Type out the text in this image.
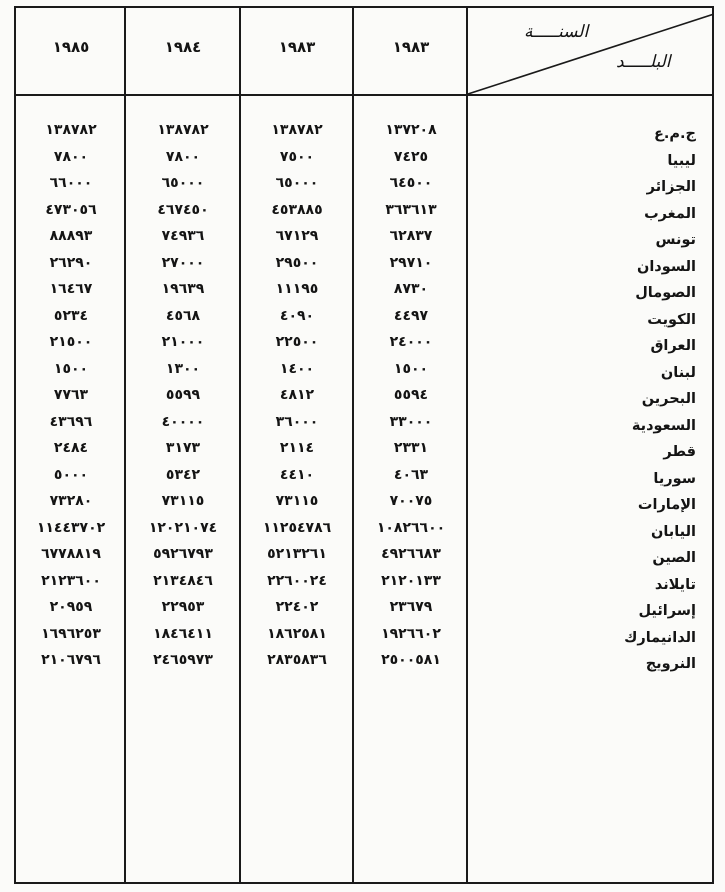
١٩٨٥	١٩٨٤	١٩٨٣	١٩٨٣
السنـــــة
البلـــــد
١٣٨٧٨٢	١٣٨٧٨٢	١٣٨٧٨٢	١٣٧٢٠٨	ج.م.ع
٧٨٠٠	٧٨٠٠	٧٥٠٠	٧٤٢٥	ليبيا
٦٦٠٠٠	٦٥٠٠٠	٦٥٠٠٠	٦٤٥٠٠	الجزائر
٤٧٣٠٥٦	٤٦٧٤٥٠	٤٥٣٨٨٥	٣٦٣٦١٣	المغرب
٨٨٨٩٣	٧٤٩٣٦	٦٧١٢٩	٦٢٨٣٧	تونس
٢٦٢٩٠	٢٧٠٠٠	٢٩٥٠٠	٢٩٧١٠	السودان
١٦٤٦٧	١٩٦٣٩	١١١٩٥	٨٧٣٠	الصومال
٥٢٣٤	٤٥٦٨	٤٠٩٠	٤٤٩٧	الكويت
٢١٥٠٠	٢١٠٠٠	٢٢٥٠٠	٢٤٠٠٠	العراق
١٥٠٠	١٣٠٠	١٤٠٠	١٥٠٠	لبنان
٧٧٦٣	٥٥٩٩	٤٨١٢	٥٥٩٤	البحرين
٤٣٦٩٦	٤٠٠٠٠	٣٦٠٠٠	٣٣٠٠٠	السعودية
٢٤٨٤	٣١٧٣	٢١١٤	٢٣٣١	قطر
٥٠٠٠	٥٣٤٢	٤٤١٠	٤٠٦٣	سوريا
٧٣٢٨٠	٧٣١١٥	٧٣١١٥	٧٠٠٧٥	الإمارات
١١٤٤٣٧٠٢	١٢٠٢١٠٧٤	١١٢٥٤٧٨٦	١٠٨٢٦٦٠٠	اليابان
٦٧٧٨٨١٩	٥٩٢٦٧٩٣	٥٢١٣٢٦١	٤٩٢٦٦٨٣	الصين
٢١٢٣٦٠٠	٢١٣٤٨٤٦	٢٢٦٠٠٢٤	٢١٢٠١٣٣	تايلاند
٢٠٩٥٩	٢٢٩٥٣	٢٢٤٠٢	٢٣٦٧٩	إسرائيل
١٦٩٦٢٥٣	١٨٤٦٤١١	١٨٦٢٥٨١	١٩٢٦٦٠٢	الدانيمارك
٢١٠٦٧٩٦	٢٤٦٥٩٧٣	٢٨٣٥٨٣٦	٢٥٠٠٥٨١	النرويج
